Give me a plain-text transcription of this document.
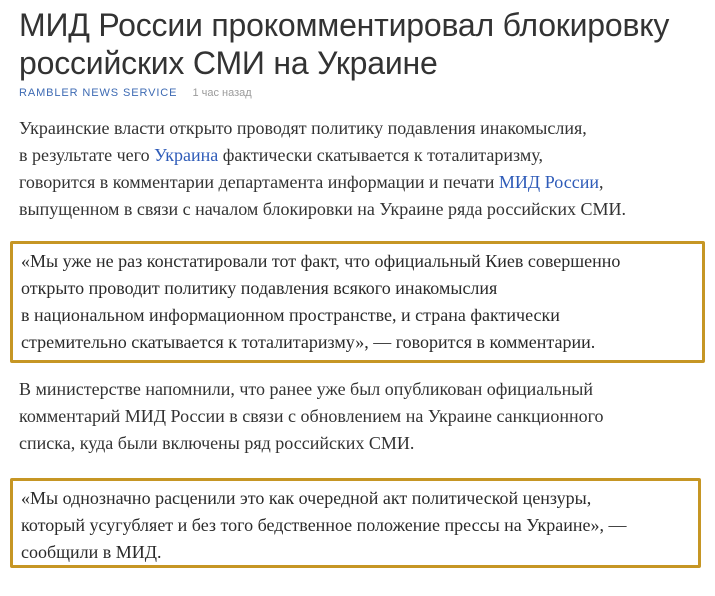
МИД России прокомментировал блокировку российских СМИ на Украине
RAMBLER NEWS SERVICE 1 час назад

Украинские власти открыто проводят политику подавления инакомыслия,
в результате чего Украина фактически скатывается к тоталитаризму,
говорится в комментарии департамента информации и печати МИД России,
выпущенном в связи с началом блокировки на Украине ряда российских СМИ.

«Мы уже не раз констатировали тот факт, что официальный Киев совершенно
открыто проводит политику подавления всякого инакомыслия
в национальном информационном пространстве, и страна фактически
стремительно скатывается к тоталитаризму», — говорится в комментарии.

В министерстве напомнили, что ранее уже был опубликован официальный
комментарий МИД России в связи с обновлением на Украине санкционного
списка, куда были включены ряд российских СМИ.

«Мы однозначно расценили это как очередной акт политической цензуры,
который усугубляет и без того бедственное положение прессы на Украине», —
сообщили в МИД.
